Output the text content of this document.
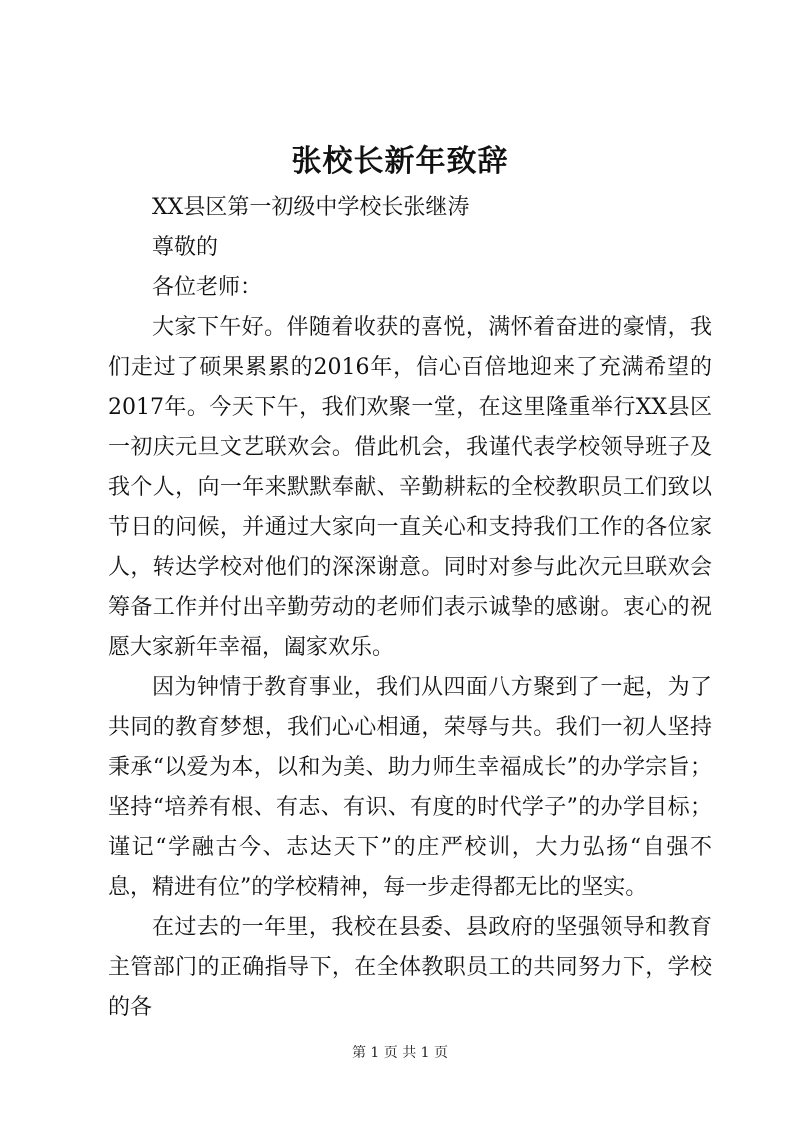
张校长新年致辞

XX县区第一初级中学校长张继涛

尊敬的

各位老师：

大家下午好。伴随着收获的喜悦，满怀着奋进的豪情，我们走过了硕果累累的2016年，信心百倍地迎来了充满希望的2017年。今天下午，我们欢聚一堂，在这里隆重举行XX县区一初庆元旦文艺联欢会。借此机会，我谨代表学校领导班子及我个人，向一年来默默奉献、辛勤耕耘的全校教职员工们致以节日的问候，并通过大家向一直关心和支持我们工作的各位家人，转达学校对他们的深深谢意。同时对参与此次元旦联欢会筹备工作并付出辛勤劳动的老师们表示诚挚的感谢。衷心的祝愿大家新年幸福，阖家欢乐。

因为钟情于教育事业，我们从四面八方聚到了一起，为了共同的教育梦想，我们心心相通，荣辱与共。我们一初人坚持秉承“以爱为本，以和为美、助力师生幸福成长”的办学宗旨；坚持“培养有根、有志、有识、有度的时代学子”的办学目标；谨记“学融古今、志达天下”的庄严校训，大力弘扬“自强不息，精进有位”的学校精神，每一步走得都无比的坚实。

在过去的一年里，我校在县委、县政府的坚强领导和教育主管部门的正确指导下，在全体教职员工的共同努力下，学校的各

第 1 页 共 1 页
